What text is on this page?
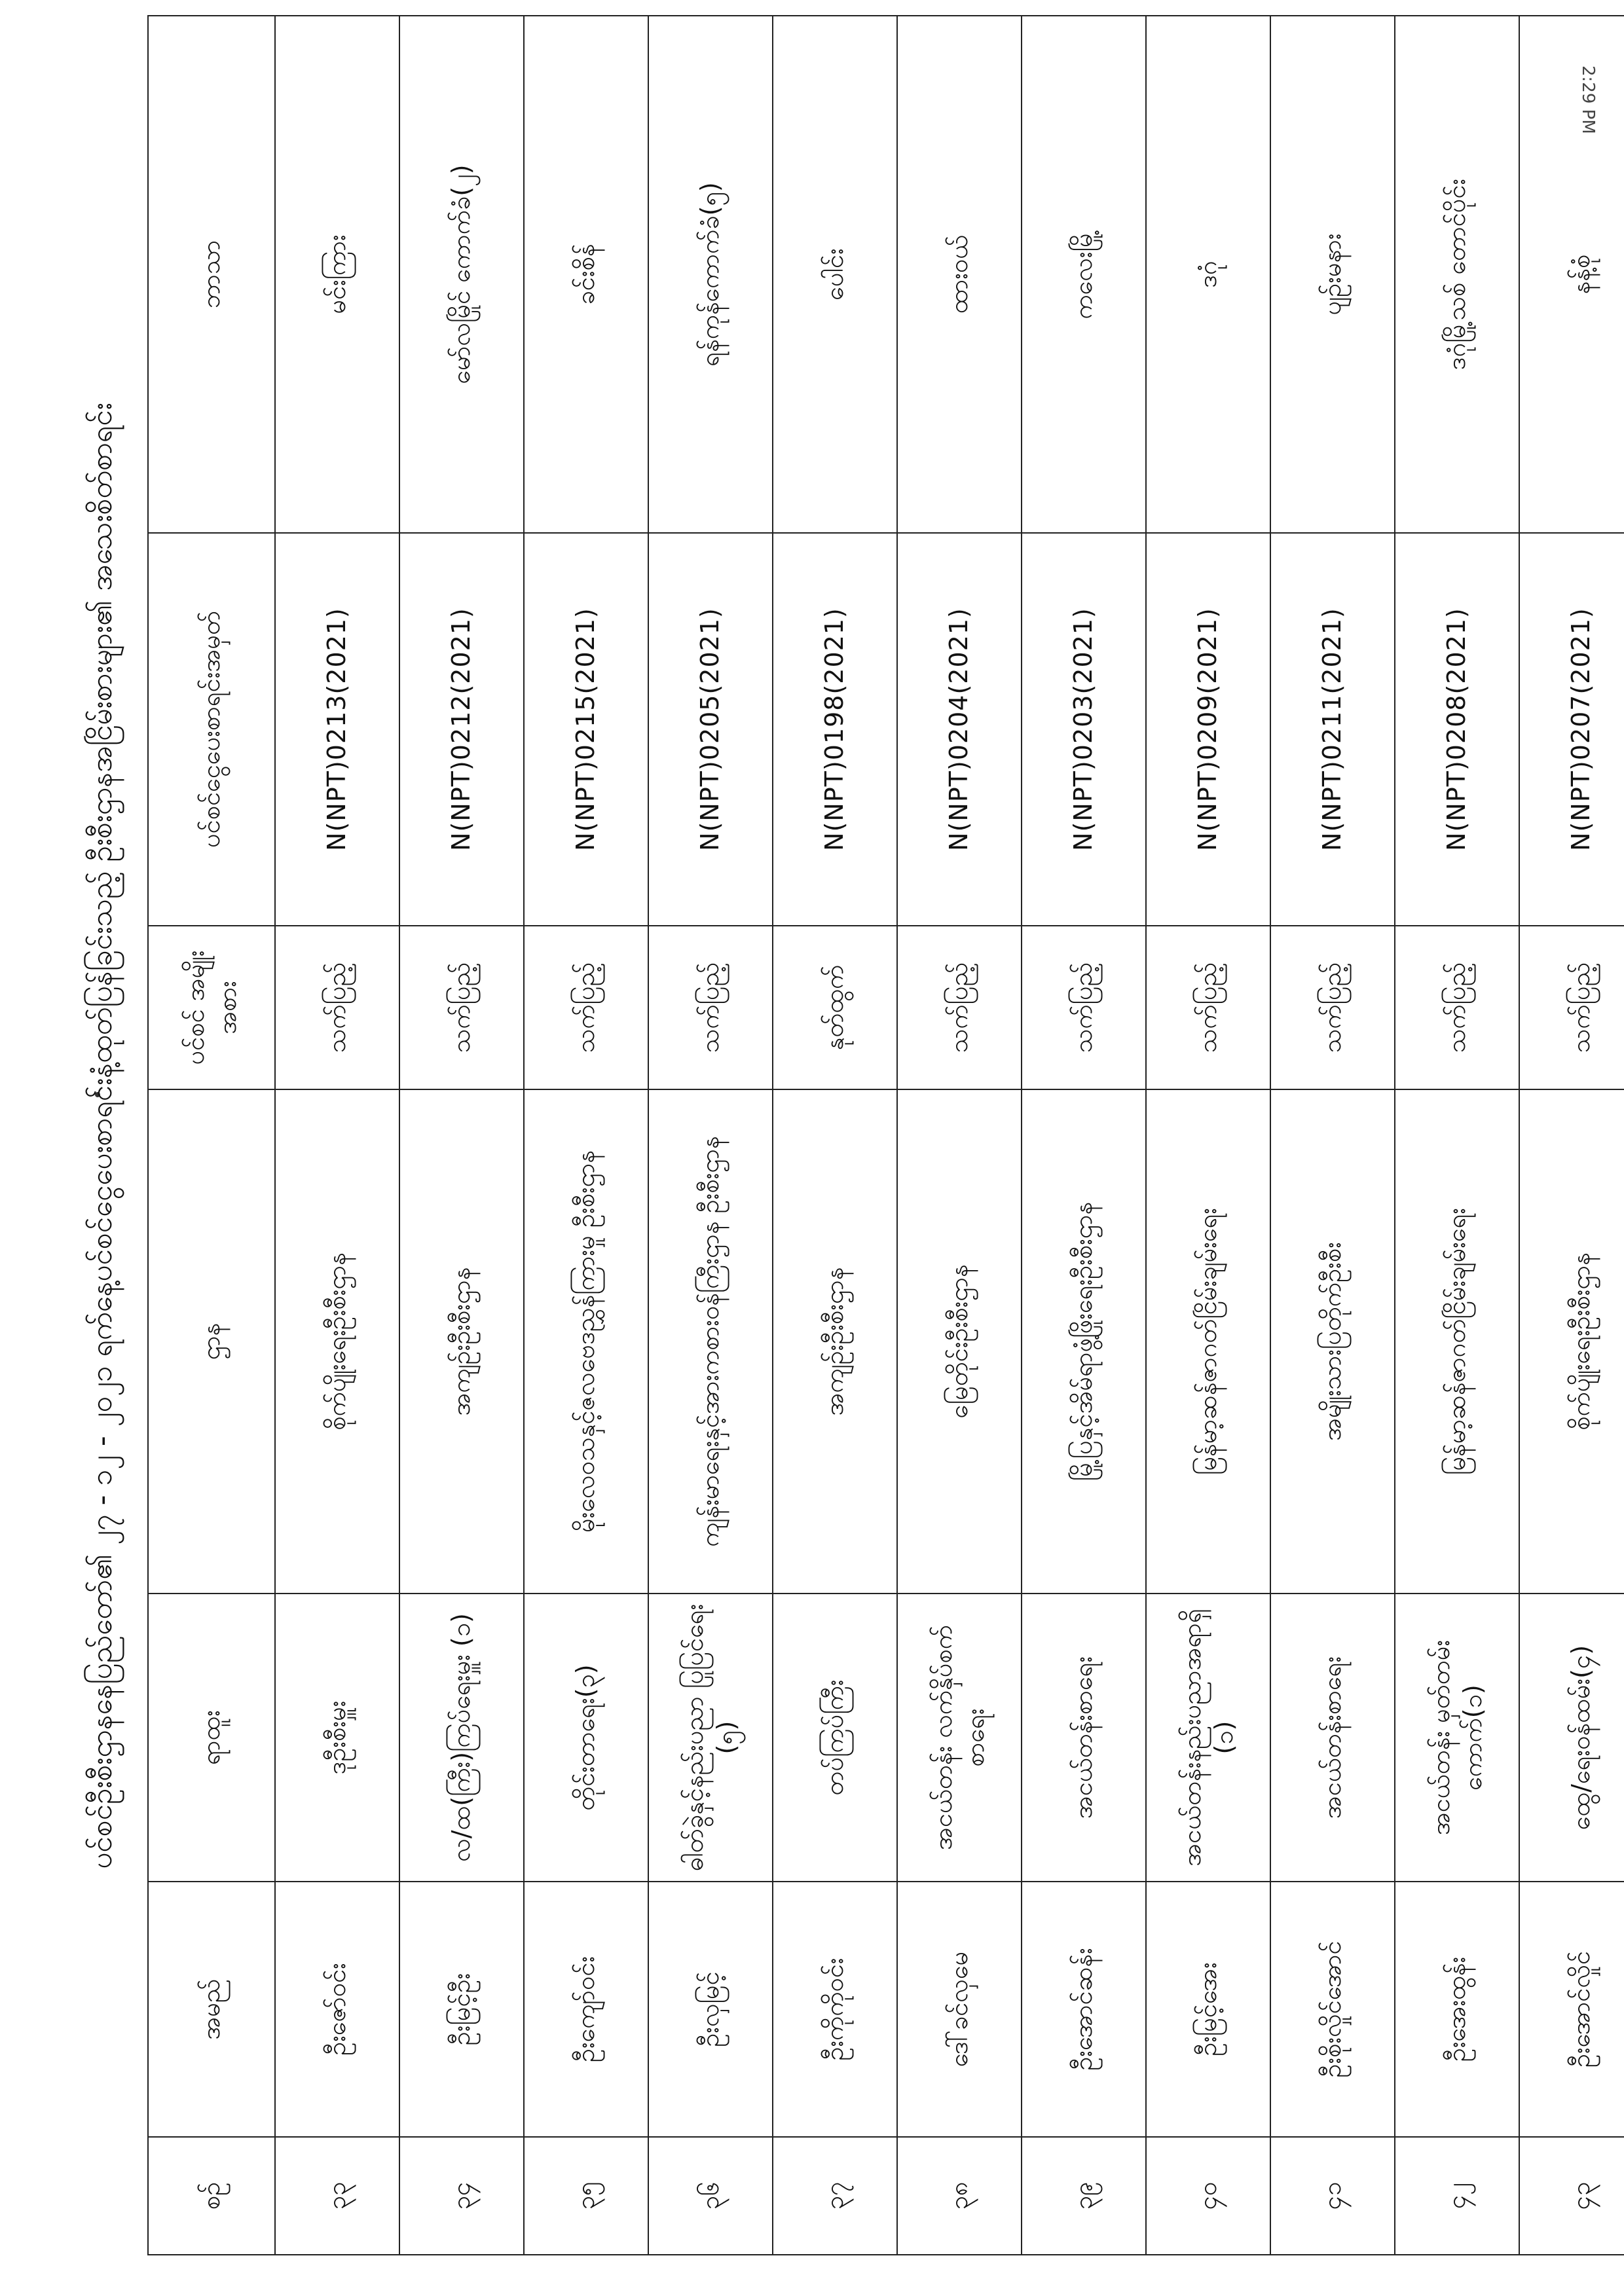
2:29 PM
ပင်စင်ဦးစီးဌာနနေပြည်တော်၏ ၂၇ - ၁၂ - ၂၀၂၁ ရက်နေ့ပင်စင်ငွေပေးစာရင်းနံ့ထုတ်ပြန်ခြင်းသည့် ဦးစီးဌာနအငြိမ်းစားများ၏ အသေးစိတ်စာရင်း
စဉ်	အမည်	ရာထူး	ဌာန	ပင်စင် အမျိုးအစား	ပင်စင်ငွေပေးစာရင်းအမှတ်	ဘာသာ
၃၃	ဦးဇော်ဝင်း	ဒုဦးစီးမှူး	စိုက်ပျိုးရေးဦးစီးဌာန	သက်ပြည့်	N(NPT)0213(2021)	မင်းကြား
၃၄	ဦးမြင့်ဦး	လ/ထ(ကြီး)ကြပ်ရေးမှူး (၁)	အကျဉ်းဦးစီးဌာန	သက်ပြည့်	N(NPT)0212(2021)	မော်လမြိုင် ကောက်ခံ(၂)
၃၅	ဦးကျော်ဝင်း	တိုင်းတာရေး(၃)	မိုးလေဝသနှင့်ဇလဗေဒညွှန်ကြားမှု ဦးစီးဌာန	သက်ပြည့်	N(NPT)0215(2021)	ခင်းစိန်
၃၆	ဦးလှမြင့်	ဓါတ်ခွဲနှင့်နည်းပညာ ပြုပြင်ရေး (၅)	ကျန်းမာရေးနှင့်အားကစားဝန်ကြီးဌာန ဦးစီးဌာန	သက်ပြည့်	N(NPT)0205(2021)	ရန်ကုန်ကောက်ခံ(၅)
၃၇	ဦးကိုကိုဝင်း	တပ်ကြပ်ကြီး	အကျဉ်းဦးစီးဌာန	နုတ်ထွက်	N(NPT)0198(2021)	ပေါင်း
၃၈	ဒေါ်ခင်လှမေ	အငယ်တန်း လက်နှိပ်စက်စာရေး	မြေတိုင်းဦးစီးဌာန	သက်ပြည့်	N(NPT)0204(2021)	ထားဝယ်
၃၉	ဦးအောင်ဆန်း	အငယ်တန်းစာရေး	မြို့ပြနှင့်အိမ်ရာဖွံ့ဖြိုးရေးဦးစီးဌာန	သက်ပြည့်	N(NPT)0203(2021)	ကလေးမြို့
၄၀	ဦးမြင့်အေး	အငယ်တန်းနည်းပညာအရာရှိ (၁)	မြန်မာ့ဆန်ဇာဂတ်ငြိမ်းချမ်းရေး	သက်ပြည့်	N(NPT)0209(2021)	ဒဂုံ
၄၁	ဦးစိုးလှိုင်အောင်	အငယ်တန်းစာရေး	အမျိုးသားပြတိုက်ဦးစီး	သက်ပြည့်	N(NPT)0211(2021)	ပျဉ်းမနား
၄၂	ဦးအေးထွန်း	အငယ်တန်း မှတ်တမ်းကောက်(၁)	မြန်မာ့ဆန်ဇာဂတ်ငြိမ်းချမ်းရေး	သက်ပြည့်	N(NPT)0208(2021)	ဒဂုံမြို့သစ် တောင်ပိုင်း
၄၃	ဦးအောင်လှိုင်	ထွေ/ရေးဝန်ထမ်း(၄)	စိုက်ပျိုးရေးဦးစီးဌာန	သက်ပြည့်	N(NPT)0207(2021)	နန့်စုံ
